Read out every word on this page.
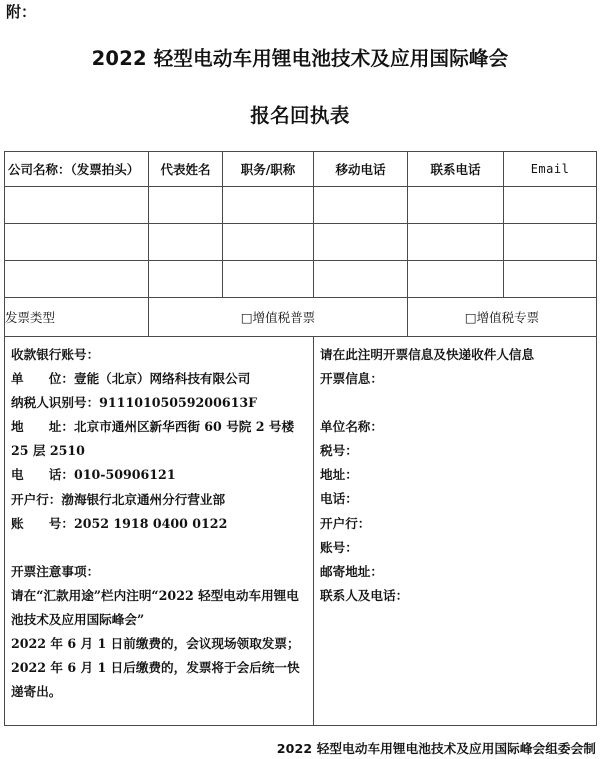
附：
2022 轻型电动车用锂电池技术及应用国际峰会
报名回执表
公司名称：（发票拍头）	代表姓名	职务/职称	移动电话	联系电话	Email

发票类型	□增值税普票			□增值税专票	

收款银行账号：
单　　位：壹能（北京）网络科技有限公司
纳税人识别号：91110105059200613F
地　　址：北京市通州区新华西街 60 号院 2 号楼 25 层 2510
电　　话：010-50906121
开户行：渤海银行北京通州分行营业部
账　　号：2052 1918 0400 0122
开票注意事项：
请在“汇款用途”栏内注明“2022 轻型电动车用锂电池技术及应用国际峰会”
2022 年 6 月 1 日前缴费的，会议现场领取发票；
2022 年 6 月 1 日后缴费的，发票将于会后统一快递寄出。

请在此注明开票信息及快递收件人信息
开票信息：
单位名称：
税号：
地址：
电话：
开户行：
账号：
邮寄地址：
联系人及电话：
2022 轻型电动车用锂电池技术及应用国际峰会组委会制
